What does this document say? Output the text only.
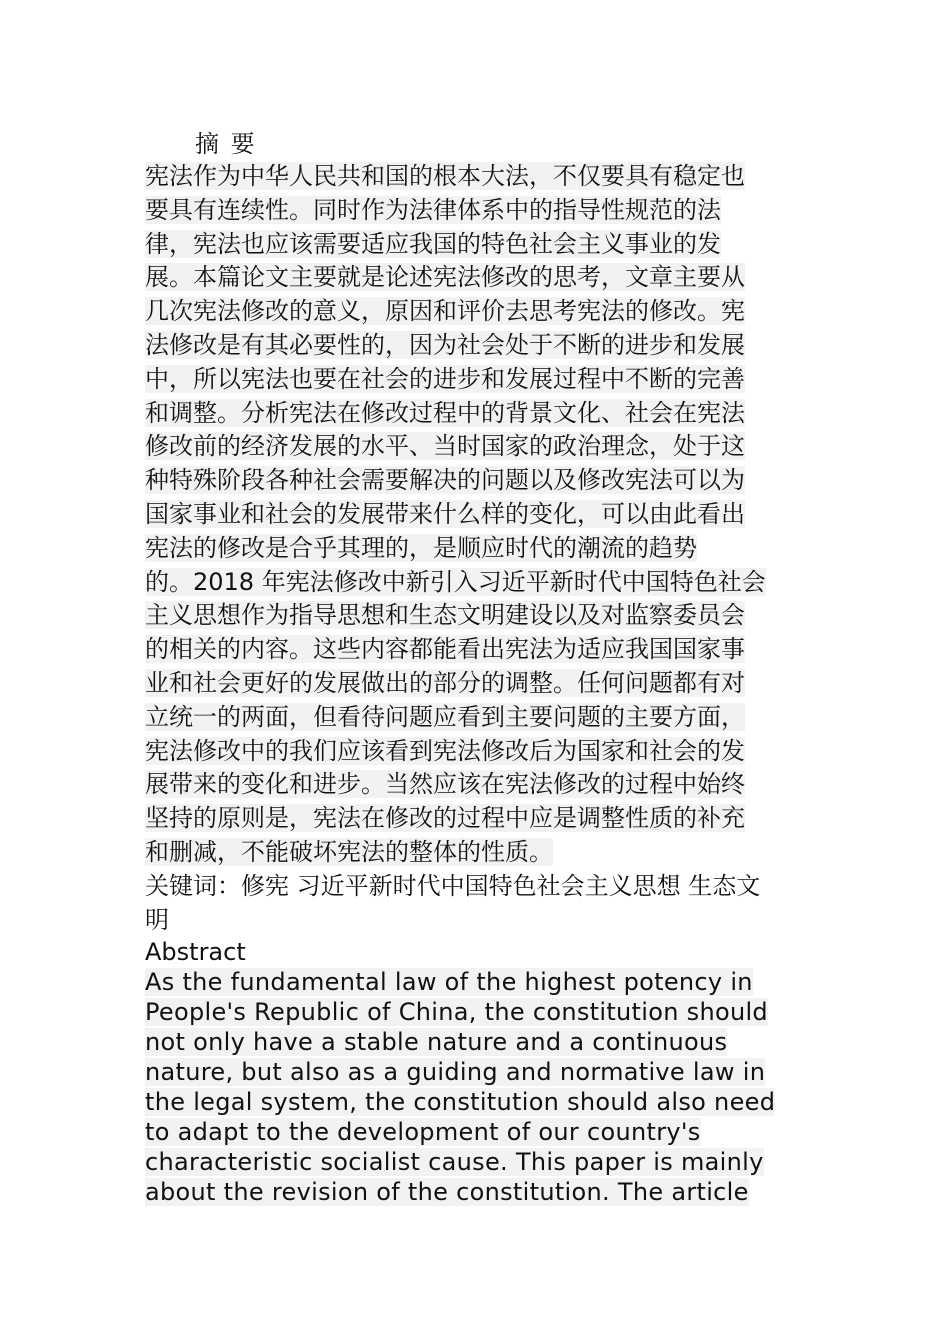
摘 要
宪法作为中华人民共和国的根本大法，不仅要具有稳定也
要具有连续性。同时作为法律体系中的指导性规范的法
律，宪法也应该需要适应我国的特色社会主义事业的发
展。本篇论文主要就是论述宪法修改的思考，文章主要从
几次宪法修改的意义，原因和评价去思考宪法的修改。宪
法修改是有其必要性的，因为社会处于不断的进步和发展
中，所以宪法也要在社会的进步和发展过程中不断的完善
和调整。分析宪法在修改过程中的背景文化、社会在宪法
修改前的经济发展的水平、当时国家的政治理念，处于这
种特殊阶段各种社会需要解决的问题以及修改宪法可以为
国家事业和社会的发展带来什么样的变化，可以由此看出
宪法的修改是合乎其理的，是顺应时代的潮流的趋势
的。2018 年宪法修改中新引入习近平新时代中国特色社会
主义思想作为指导思想和生态文明建设以及对监察委员会
的相关的内容。这些内容都能看出宪法为适应我国国家事
业和社会更好的发展做出的部分的调整。任何问题都有对
立统一的两面，但看待问题应看到主要问题的主要方面，
宪法修改中的我们应该看到宪法修改后为国家和社会的发
展带来的变化和进步。当然应该在宪法修改的过程中始终
坚持的原则是，宪法在修改的过程中应是调整性质的补充
和删减，不能破坏宪法的整体的性质。
关键词：修宪 习近平新时代中国特色社会主义思想 生态文
明
Abstract
As the fundamental law of the highest potency in
People's Republic of China, the constitution should
not only have a stable nature and a continuous
nature, but also as a guiding and normative law in
the legal system, the constitution should also need
to adapt to the development of our country's
characteristic socialist cause. This paper is mainly
about the revision of the constitution. The article
